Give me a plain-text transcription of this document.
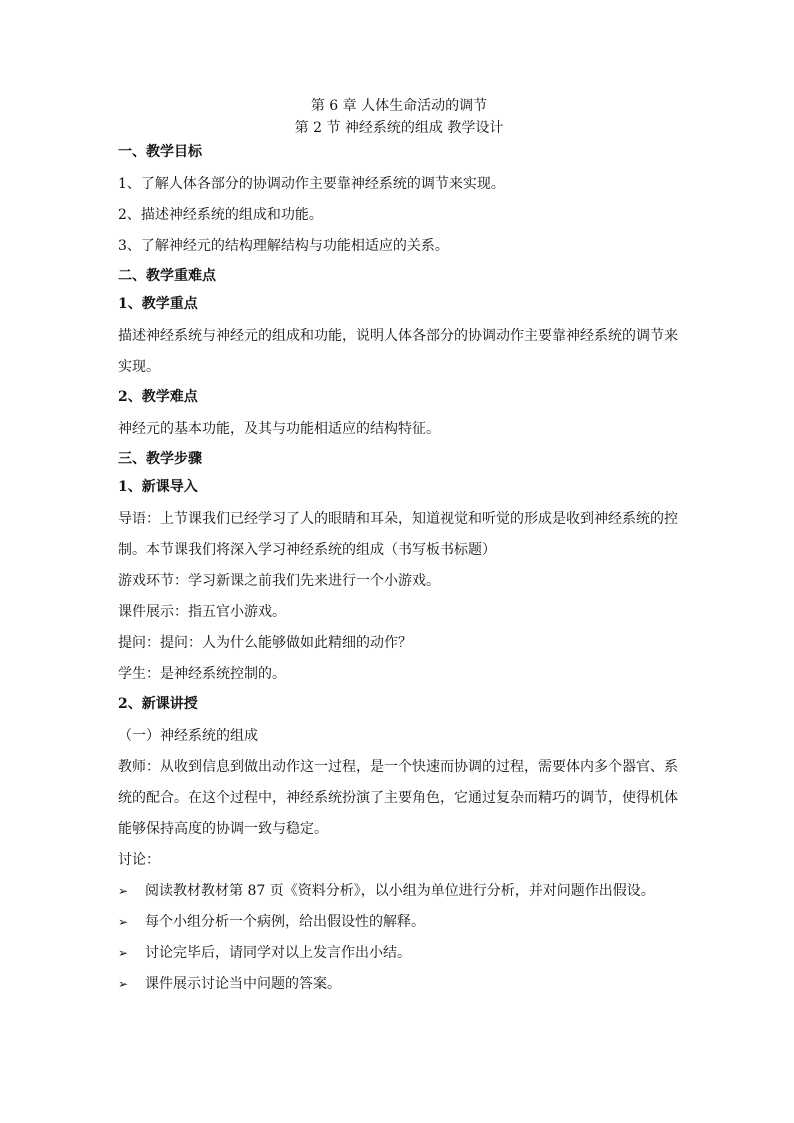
第 6 章 人体生命活动的调节

第 2 节 神经系统的组成 教学设计

一、教学目标

1、了解人体各部分的协调动作主要靠神经系统的调节来实现。

2、描述神经系统的组成和功能。

3、了解神经元的结构理解结构与功能相适应的关系。

二、教学重难点
1、教学重点

描述神经系统与神经元的组成和功能，说明人体各部分的协调动作主要靠神经系统的调节来实现。

2、教学难点

神经元的基本功能，及其与功能相适应的结构特征。

三、教学步骤
1、新课导入

导语：上节课我们已经学习了人的眼睛和耳朵，知道视觉和听觉的形成是收到神经系统的控制。本节课我们将深入学习神经系统的组成（书写板书标题）

游戏环节：学习新课之前我们先来进行一个小游戏。

课件展示：指五官小游戏。

提问：提问：人为什么能够做如此精细的动作？

学生：是神经系统控制的。

2、新课讲授

（一）神经系统的组成

教师：从收到信息到做出动作这一过程，是一个快速而协调的过程，需要体内多个器官、系统的配合。在这个过程中，神经系统扮演了主要角色，它通过复杂而精巧的调节，使得机体能够保持高度的协调一致与稳定。

讨论：

➢	阅读教材教材第 87 页《资料分析》，以小组为单位进行分析，并对问题作出假设。
➢	每个小组分析一个病例，给出假设性的解释。
➢	讨论完毕后，请同学对以上发言作出小结。
➢	课件展示讨论当中问题的答案。
